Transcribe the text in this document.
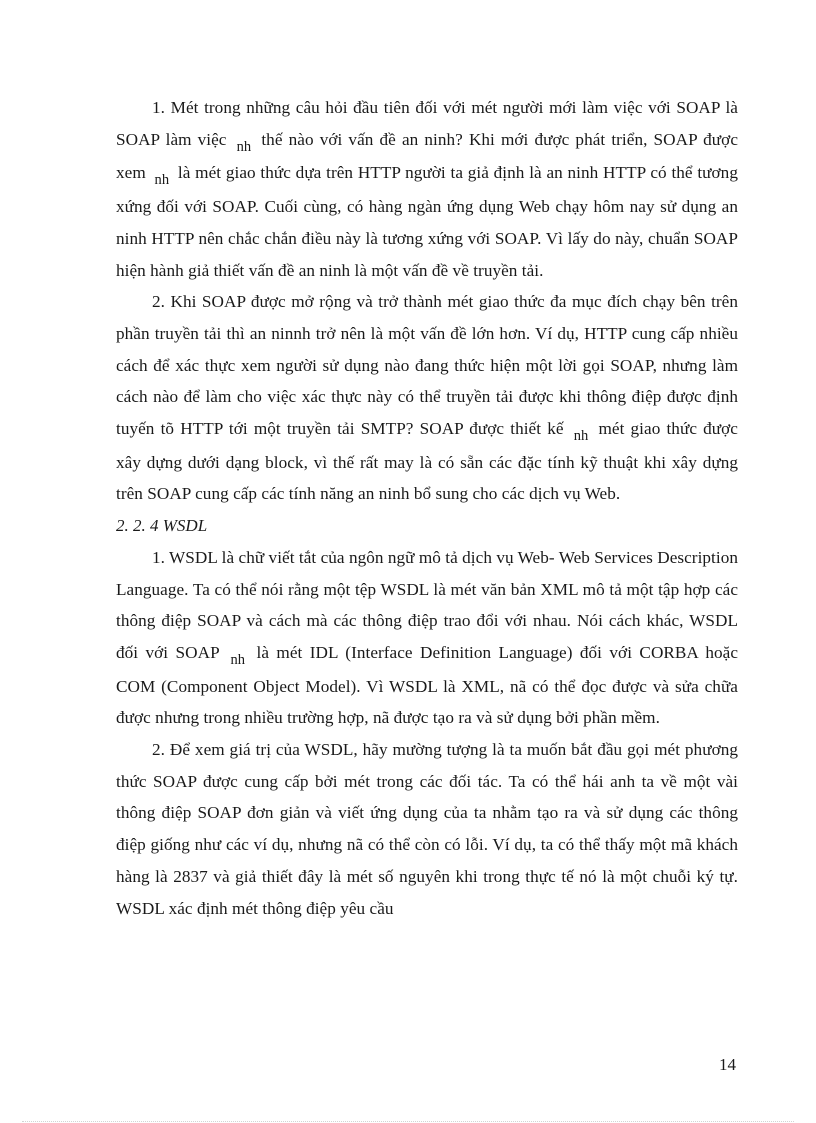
1. Mét trong những câu hỏi đầu tiên đối với mét người mới làm việc với SOAP là SOAP làm việc $_{nh}$ thế nào với vấn đề an ninh? Khi mới được phát triển, SOAP được xem $_{nh}$ là mét giao thức dựa trên HTTP người ta giả định là an ninh HTTP có thể tương xứng đối với SOAP. Cuối cùng, có hàng ngàn ứng dụng Web chạy hôm nay sử dụng an ninh HTTP nên chắc chắn điều này là tương xứng với SOAP. Vì lấy do này, chuẩn SOAP hiện hành giả thiết vấn đề an ninh là một vấn đề về truyền tải.

2. Khi SOAP được mở rộng và trở thành mét giao thức đa mục đích chạy bên trên phần truyền tải thì an ninnh trở nên là một vấn đề lớn hơn. Ví dụ, HTTP cung cấp nhiều cách để xác thực xem người sử dụng nào đang thức hiện một lời gọi SOAP, nhưng làm cách nào để làm cho việc xác thực này có thể truyền tải được khi thông điệp được định tuyến tõ HTTP tới một truyền tải SMTP? SOAP được thiết kế $_{nh}$ mét giao thức được xây dựng dưới dạng block, vì thế rất may là có sẵn các đặc tính kỹ thuật khi xây dựng trên SOAP cung cấp các tính năng an ninh bổ sung cho các dịch vụ Web.

2. 2. 4 WSDL

1. WSDL là chữ viết tắt của ngôn ngữ mô tả dịch vụ Web- Web Services Description Language. Ta có thể nói rằng một tệp WSDL là mét văn bản XML mô tả một tập hợp các thông điệp SOAP và cách mà các thông điệp trao đổi với nhau. Nói cách khác, WSDL đối với SOAP $_{nh}$ là mét IDL (Interface Definition Language) đối với CORBA hoặc COM (Component Object Model). Vì WSDL là XML, nã có thể đọc được và sửa chữa được nhưng trong nhiều trường hợp, nã được tạo ra và sử dụng bởi phần mềm.

2. Để xem giá trị của WSDL, hãy mường tượng là ta muốn bắt đầu gọi mét phương thức SOAP được cung cấp bởi mét trong các đối tác. Ta có thể hái anh ta về một vài thông điệp SOAP đơn giản và viết ứng dụng của ta nhằm tạo ra và sử dụng các thông điệp giống như các ví dụ, nhưng nã có thể còn có lỗi. Ví dụ, ta có thể thấy một mã khách hàng là 2837 và giả thiết đây là mét số nguyên khi trong thực tế nó là một chuỗi ký tự. WSDL xác định mét thông điệp yêu cầu

14
